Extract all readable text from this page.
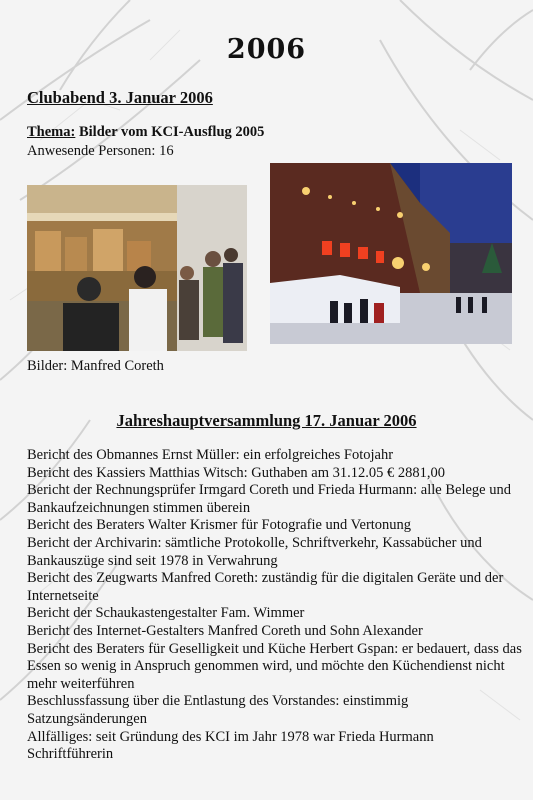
2006
Clubabend 3. Januar 2006
Thema: Bilder vom KCI-Ausflug 2005
Anwesende Personen: 16
Bilder: Manfred Coreth
Jahreshauptversammlung 17. Januar 2006
Bericht des Obmannes Ernst Müller: ein erfolgreiches Fotojahr
Bericht des Kassiers Matthias Witsch: Guthaben am 31.12.05 € 2881,00
Bericht der Rechnungsprüfer Irmgard Coreth und Frieda Hurmann: alle Belege und Bankaufzeichnungen stimmen überein
Bericht des Beraters Walter Krismer für Fotografie und Vertonung
Bericht der Archivarin: sämtliche Protokolle, Schriftverkehr, Kassabücher und Bankauszüge sind seit 1978 in Verwahrung
Bericht des Zeugwarts Manfred Coreth: zuständig für die digitalen Geräte und der Internetseite
Bericht der Schaukastengestalter Fam. Wimmer
Bericht des Internet-Gestalters Manfred Coreth und Sohn Alexander
Bericht des Beraters für Geselligkeit und Küche Herbert Gspan: er bedauert, dass das Essen so wenig in Anspruch genommen wird, und möchte den Küchendienst nicht mehr weiterführen
Beschlussfassung über die Entlastung des Vorstandes: einstimmig
Satzungsänderungen
Allfälliges: seit Gründung des KCI im Jahr 1978 war Frieda Hurmann Schriftführerin
